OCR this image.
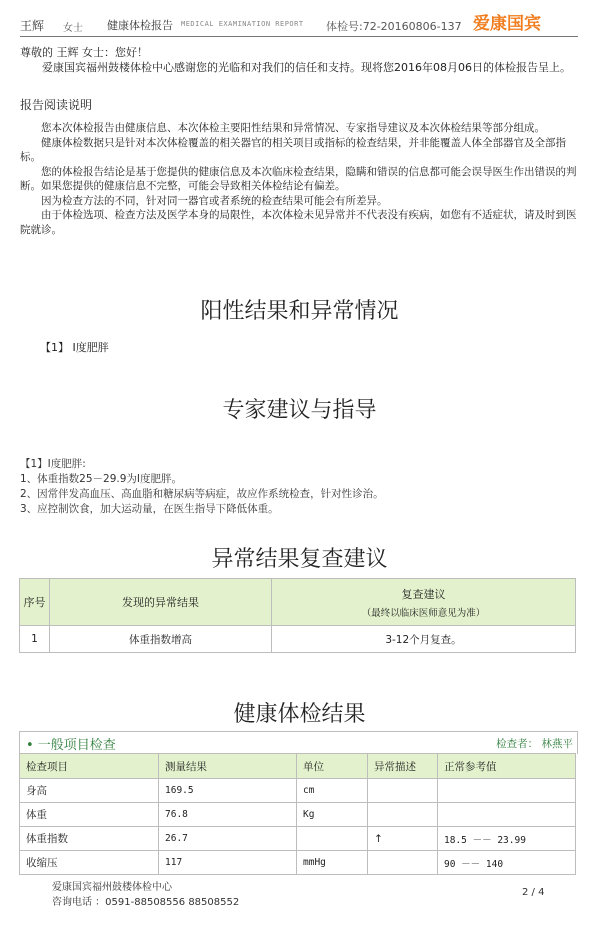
王辉 女士 健康体检报告 MEDICAL EXAMINATION REPORT 体检号:72-20160806-137 爱康国宾

尊敬的 王辉 女士：您好！

爱康国宾福州鼓楼体检中心感谢您的光临和对我们的信任和支持。现将您2016年08月06日的体检报告呈上。

报告阅读说明

您本次体检报告由健康信息、本次体检主要阳性结果和异常情况、专家指导建议及本次体检结果等部分组成。

健康体检数据只是针对本次体检覆盖的相关器官的相关项目或指标的检查结果，并非能覆盖人体全部器官及全部指标。

您的体检报告结论是基于您提供的健康信息及本次临床检查结果，隐瞒和错误的信息都可能会误导医生作出错误的判断。如果您提供的健康信息不完整，可能会导致相关体检结论有偏差。

因为检查方法的不同，针对同一器官或者系统的检查结果可能会有所差异。

由于体检选项、检查方法及医学本身的局限性，本次体检未见异常并不代表没有疾病，如您有不适症状，请及时到医院就诊。

阳性结果和异常情况
【1】 I度肥胖
专家建议与指导
【1】I度肥胖:
1、体重指数25－29.9为I度肥胖。
2、因常伴发高血压、高血脂和糖尿病等病症，故应作系统检查，针对性诊治。
3、应控制饮食，加大运动量，在医生指导下降低体重。
异常结果复查建议
序号	发现的异常结果	复查建议
（最终以临床医师意见为准）

1	体重指数增高	3-12个月复查。
健康体检结果
• 一般项目检查	检查者： 林燕平
检查项目	测量结果	单位	异常描述	正常参考值
身高	169.5	cm		
体重	76.8	Kg		
体重指数	26.7		↑	18.5 －－ 23.99
收缩压	117	mmHg		90 －－ 140
爱康国宾福州鼓楼体检中心
咨询电话 ：0591-88508556 88508552
2 / 4
